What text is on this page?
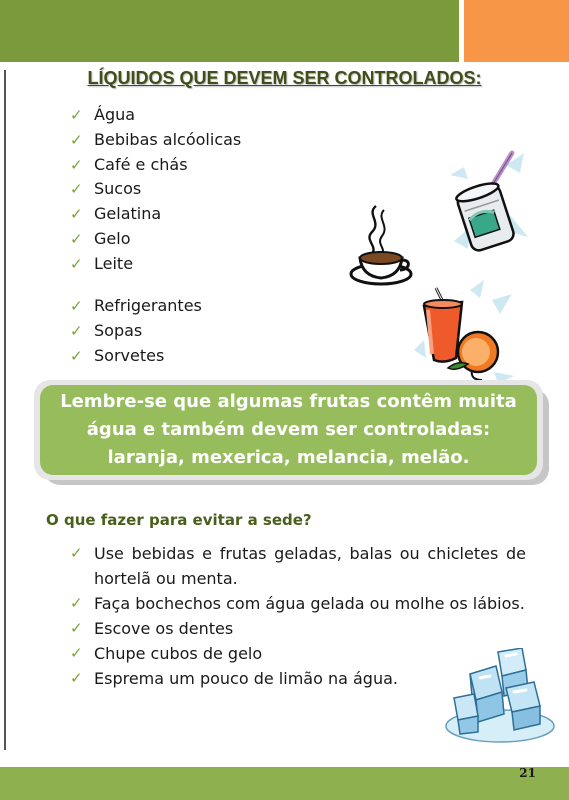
LÍQUIDOS QUE DEVEM SER CONTROLADOS:
✓ Água
✓ Bebibas alcóolicas
✓ Café e chás
✓ Sucos
✓ Gelatina
✓ Gelo
✓ Leite
✓ Refrigerantes
✓ Sopas
✓ Sorvetes
Lembre-se que algumas frutas contêm muita água e também devem ser controladas: laranja, mexerica, melancia, melão.
O que fazer para evitar a sede?
✓ Use bebidas e frutas geladas, balas ou chicletes de hortelã ou menta.
✓ Faça bochechos com água gelada ou molhe os lábios.
✓ Escove os dentes
✓ Chupe cubos de gelo
✓ Esprema um pouco de limão na água.
21
